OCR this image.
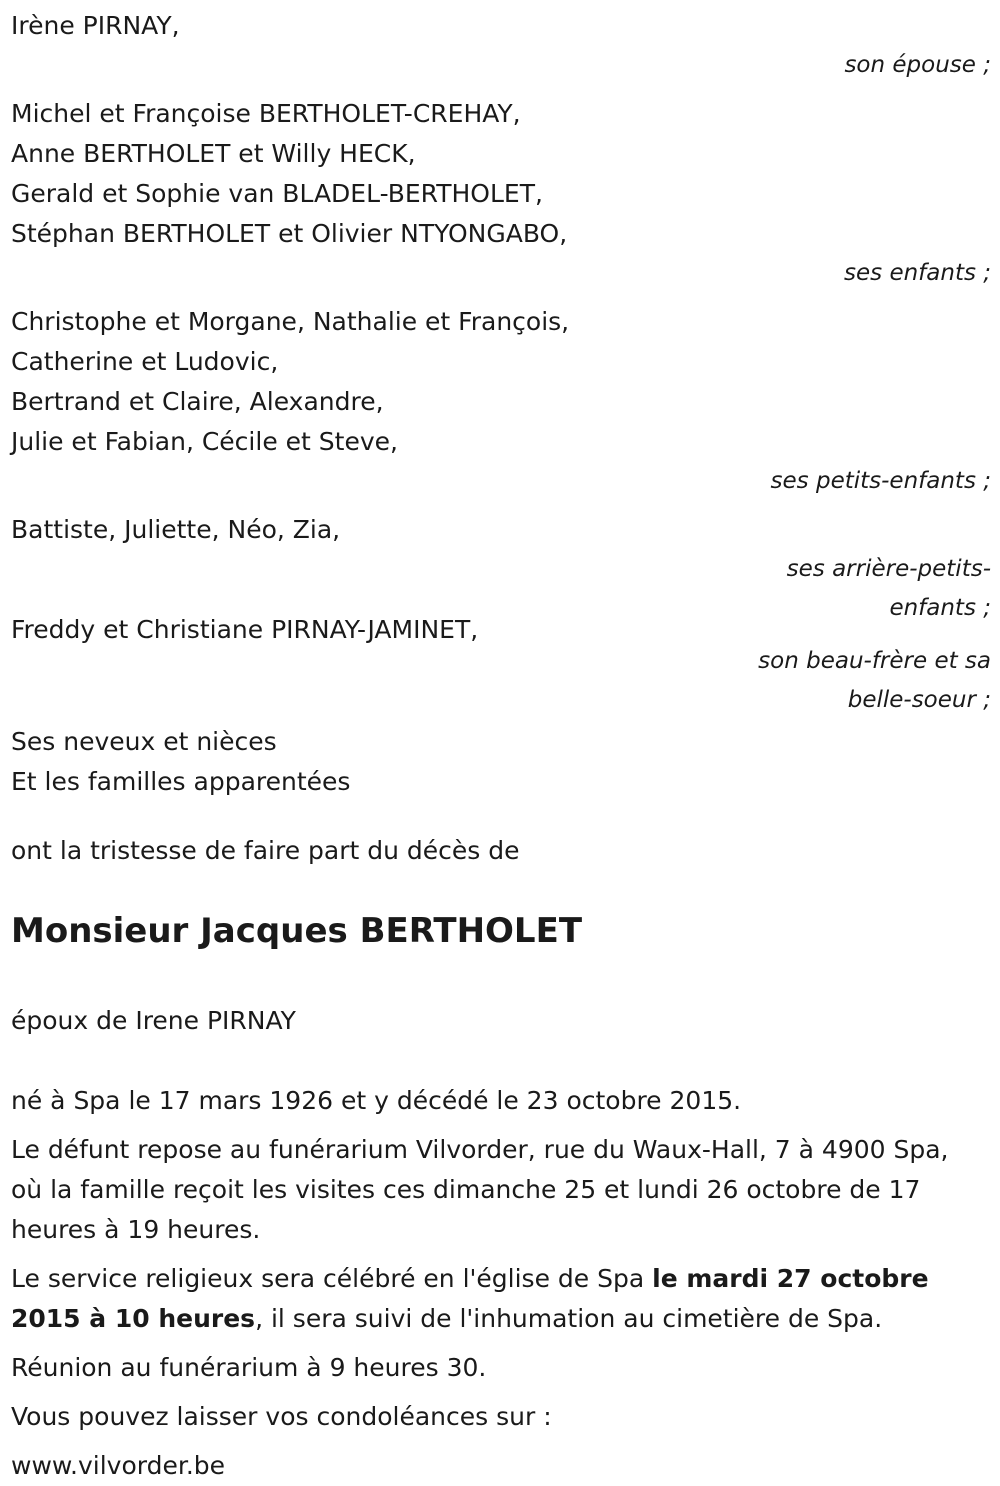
Irène PIRNAY,
son épouse ;
Michel et Françoise BERTHOLET-CREHAY,
Anne BERTHOLET et Willy HECK,
Gerald et Sophie van BLADEL-BERTHOLET,
Stéphan BERTHOLET et Olivier NTYONGABO,
ses enfants ;
Christophe et Morgane, Nathalie et François,
Catherine et Ludovic,
Bertrand et Claire, Alexandre,
Julie et Fabian, Cécile et Steve,
ses petits-enfants ;
Battiste, Juliette, Néo, Zia,
ses arrière-petits-
enfants ;
Freddy et Christiane PIRNAY-JAMINET,
son beau-frère et sa
belle-soeur ;
Ses neveux et nièces
Et les familles apparentées
ont la tristesse de faire part du décès de
Monsieur Jacques BERTHOLET
époux de Irene PIRNAY
né à Spa le 17 mars 1926 et y décédé le 23 octobre 2015.
Le défunt repose au funérarium Vilvorder, rue du Waux-Hall, 7 à 4900 Spa, où la famille reçoit les visites ces dimanche 25 et lundi 26 octobre de 17 heures à 19 heures.
Le service religieux sera célébré en l'église de Spa le mardi 27 octobre 2015 à 10 heures, il sera suivi de l'inhumation au cimetière de Spa.
Réunion au funérarium à 9 heures 30.
Vous pouvez laisser vos condoléances sur :
www.vilvorder.be
